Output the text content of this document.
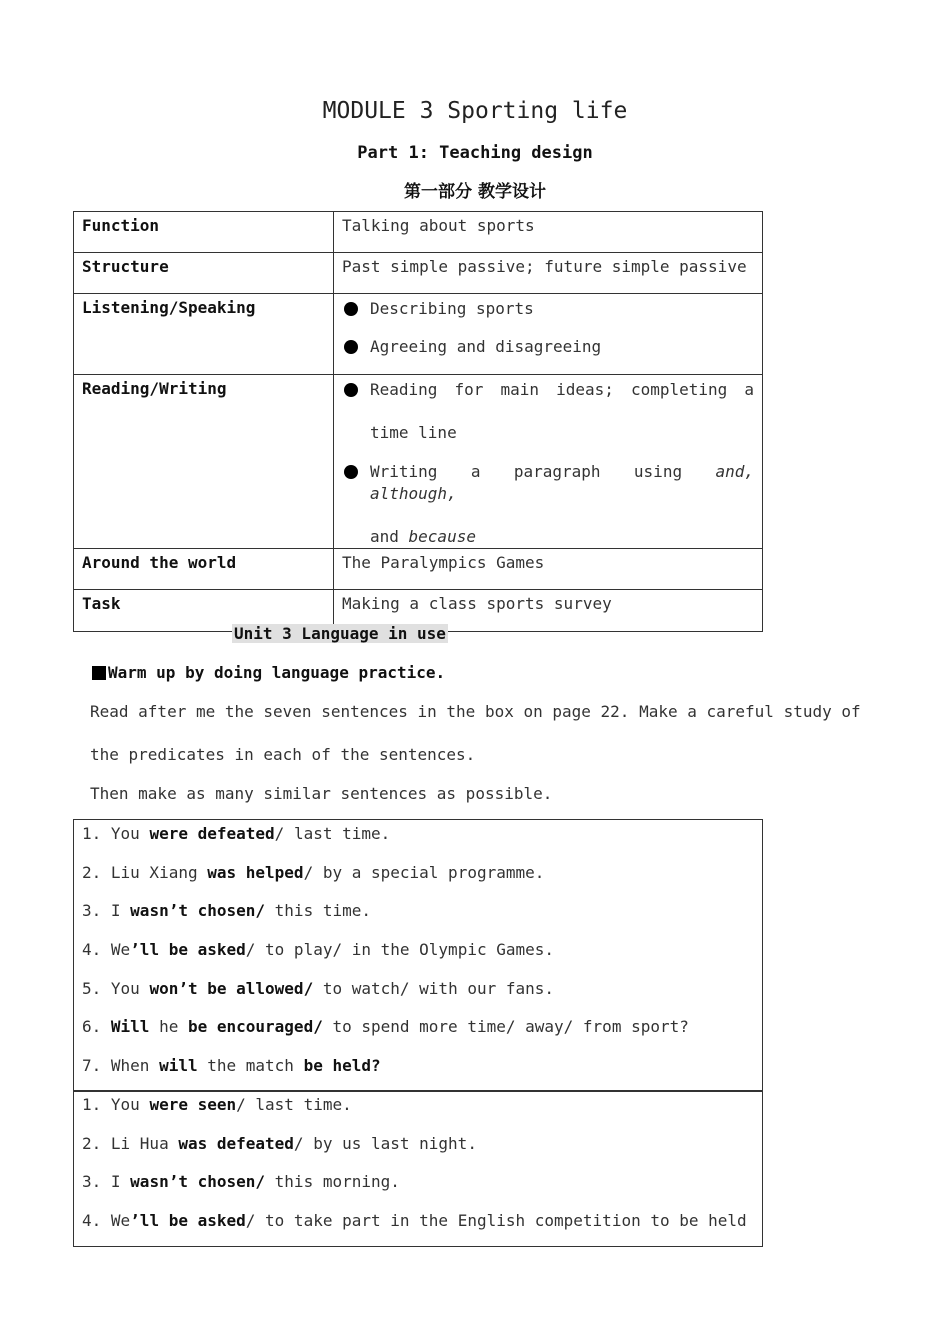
MODULE 3 Sporting life
Part 1: Teaching design
第一部分 教学设计
Function	Talking about sports
Structure	Past simple passive; future simple passive
Listening/Speaking	Describing sports
Agreeing and disagreeing

Reading/Writing	Reading for main ideas; completing a
time line
Writing a paragraph using and, although,
and because

Around the world	The Paralympics Games
Task	Making a class sports survey
Unit 3 Language in use
Warm up by doing language practice.
Read after me the seven sentences in the box on page 22. Make a careful study of
the predicates in each of the sentences.
Then make as many similar sentences as possible.
1. You were defeated/ last time.
2. Liu Xiang was helped/ by a special programme.
3. I wasn’t chosen/ this time.
4. We’ll be asked/ to play/ in the Olympic Games.
5. You won’t be allowed/ to watch/ with our fans.
6. Will he be encouraged/ to spend more time/ away/ from sport?
7. When will the match be held?
1. You were seen/ last time.
2. Li Hua was defeated/ by us last night.
3. I wasn’t chosen/ this morning.
4. We’ll be asked/ to take part in the English competition to be held
